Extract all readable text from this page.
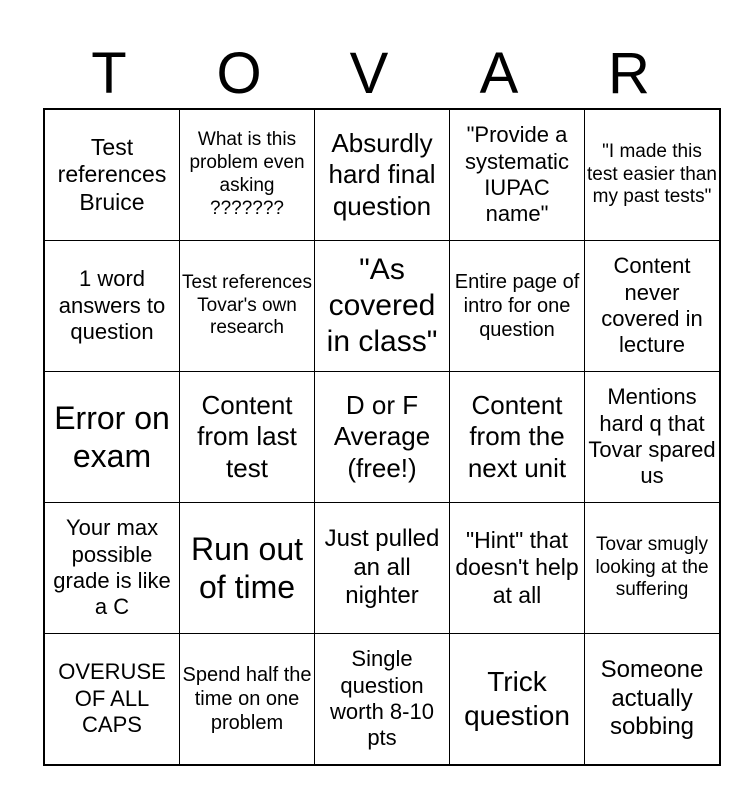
T	O	V	A	R
Test references Bruice	What is this problem even asking ???????	Absurdly hard final question	"Provide a systematic IUPAC name"	"I made this test easier than my past tests"
1 word answers to question	Test references Tovar's own research	"As covered in class"	Entire page of intro for one question	Content never covered in lecture
Error on exam	Content from last test	D or F Average (free!)	Content from the next unit	Mentions hard q that Tovar spared us
Your max possible grade is like a C	Run out of time	Just pulled an all nighter	"Hint" that doesn't help at all	Tovar smugly looking at the suffering
OVERUSE OF ALL CAPS	Spend half the time on one problem	Single question worth 8-10 pts	Trick question	Someone actually sobbing
